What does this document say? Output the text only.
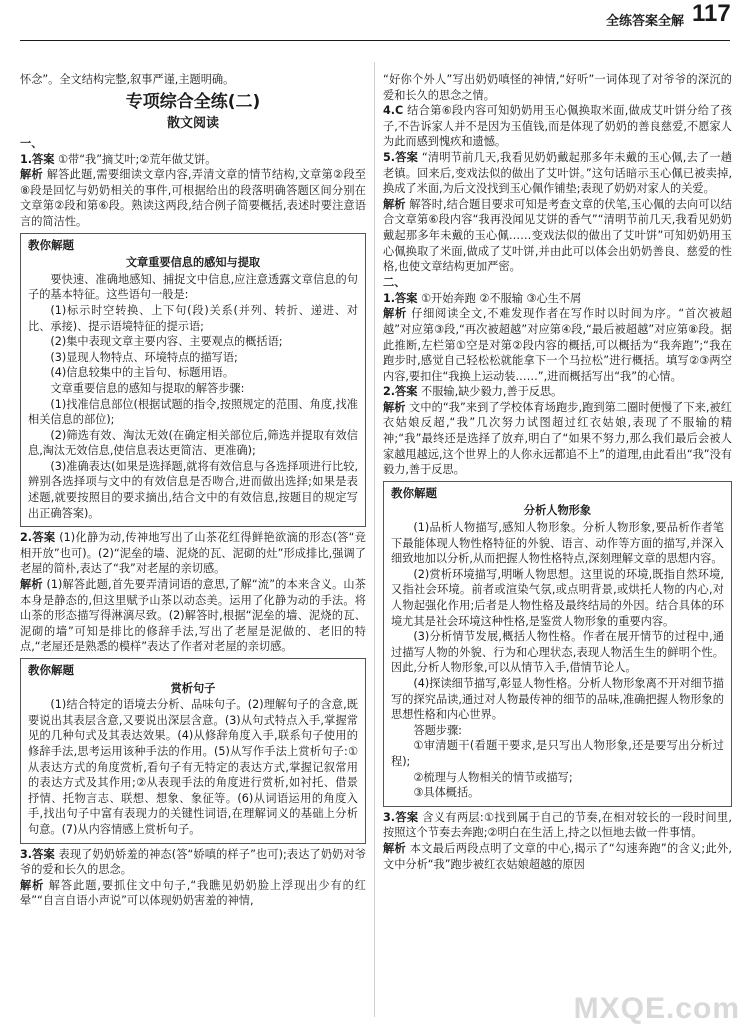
全练答案全解 117

怀念”。全文结构完整,叙事严谨,主题明确。

专项综合全练(二)
散文阅读
一、

1.答案 ①带“我”摘艾叶;②荒年做艾饼。

解析 解答此题,需要细读文章内容,弄清文章的情节结构,文章第②段至⑧段是回忆与奶奶相关的事件,可根据给出的段落明确答题区间分别在文章第②段和第⑥段。熟读这两段,结合例子简要概括,表述时要注意语言的简洁性。

教你解题
文章重要信息的感知与提取

要快速、准确地感知、捕捉文中信息,应注意透露文章信息的句子的基本特征。这些语句一般是:

(1)标示时空转换、上下句(段)关系(并列、转折、递进、对比、承接)、提示语境特征的提示语;

(2)集中表现文章主要内容、主要观点的概括语;

(3)显现人物特点、环境特点的描写语;

(4)信息较集中的主旨句、标题用语。

文章重要信息的感知与提取的解答步骤:

(1)找准信息部位(根据试题的指令,按照规定的范围、角度,找准相关信息的部位);

(2)筛选有效、淘汰无效(在确定相关部位后,筛选并提取有效信息,淘汰无效信息,使信息表达更简洁、更准确);

(3)准确表达(如果是选择题,就将有效信息与各选择项进行比较,辨别各选择项与文中的有效信息是否吻合,进而做出选择;如果是表述题,就要按照目的要求摘出,结合文中的有效信息,按题目的规定写出正确答案)。

2.答案 (1)化静为动,传神地写出了山茶花红得鲜艳欲滴的形态(答“竞相开放”也可)。(2)“泥垒的墙、泥烧的瓦、泥砌的灶”形成排比,强调了老屋的简朴,表达了“我”对老屋的亲切感。

解析 (1)解答此题,首先要弄清词语的意思,了解“流”的本来含义。山茶本身是静态的,但这里赋予山茶以动态美。运用了化静为动的手法。将山茶的形态描写得淋漓尽致。(2)解答时,根据“泥垒的墙、泥烧的瓦、泥砌的墙”可知是排比的修辞手法,写出了老屋是泥做的、老旧的特点,“老屋还是熟悉的模样”表达了作者对老屋的亲切感。

教你解题
赏析句子

(1)结合特定的语境去分析、品味句子。(2)理解句子的含意,既要说出其表层含意,又要说出深层含意。(3)从句式特点入手,掌握常见的几种句式及其表达效果。(4)从修辞角度入手,联系句子使用的修辞手法,思考运用该种手法的作用。(5)从写作手法上赏析句子:①从表达方式的角度赏析,看句子有无特定的表达方式,掌握记叙常用的表达方式及其作用;②从表现手法的角度进行赏析,如衬托、借景抒情、托物言志、联想、想象、象征等。(6)从词语运用的角度入手,找出句子中富有表现力的关键性词语,在理解词义的基础上分析句意。(7)从内容情感上赏析句子。

3.答案 表现了奶奶娇羞的神态(答“娇嗔的样子”也可);表达了奶奶对爷爷的爱和长久的思念。

解析 解答此题,要抓住文中句子,“我瞧见奶奶脸上浮现出少有的红晕”“自言自语小声说”可以体现奶奶害羞的神情,

“好你个外人”写出奶奶嗔怪的神情,“好听”一词体现了对爷爷的深沉的爱和长久的思念之情。

4.C 结合第⑥段内容可知奶奶用玉心佩换取米面,做成艾叶饼分给了孩子,不告诉家人并不是因为玉值钱,而是体现了奶奶的善良慈爱,不愿家人为此而感到愧疚和遗憾。

5.答案 “清明节前几天,我看见奶奶戴起那多年未戴的玉心佩,去了一趟老镇。回来后,变戏法似的做出了艾叶饼。”这句话暗示玉心佩已被卖掉,换成了米面,为后文没找到玉心佩作铺垫;表现了奶奶对家人的关爱。

解析 解答时,结合题目要求可知是考查文章的伏笔,玉心佩的去向可以结合文章第⑥段内容“我再没闻见艾饼的香气”“清明节前几天,我看见奶奶戴起那多年未戴的玉心佩……变戏法似的做出了艾叶饼”可知奶奶用玉心佩换取了米面,做成了艾叶饼,并由此可以体会出奶奶善良、慈爱的性格,也使文章结构更加严密。

二、

1.答案 ①开始奔跑 ②不服输 ③心生不屑

解析 仔细阅读全文,不难发现作者在写作时以时间为序。“首次被超越”对应第③段,“再次被超越”对应第④段,“最后被超越”对应第⑧段。据此推断,左栏第①空是对第②段内容的概括,可以概括为“我奔跑”;“我在跑步时,感觉自己轻松松就能拿下一个马拉松”进行概括。填写②③两空内容,要扣住“我换上运动装……”,进而概括写出“我”的心情。

2.答案 不服输,缺少毅力,善于反思。

解析 文中的“我”来到了学校体育场跑步,跑到第二圈时便慢了下来,被红衣姑娘反超,“我”几次努力试图超过红衣姑娘,表现了不服输的精神;“我”最终还是选择了放弃,明白了“如果不努力,那么我们最后会被人家越甩越远,这个世界上的人你永远都追不上”的道理,由此看出“我”没有毅力,善于反思。

教你解题
分析人物形象

(1)品析人物描写,感知人物形象。分析人物形象,要品析作者笔下最能体现人物性格特征的外貌、语言、动作等方面的描写,并深入细致地加以分析,从而把握人物性格特点,深刻理解文章的思想内容。

(2)赏析环境描写,明晰人物思想。这里说的环境,既指自然环境,又指社会环境。前者或渲染气氛,或点明背景,或烘托人物的内心,对人物起强化作用;后者是人物性格及最终结局的外因。结合具体的环境尤其是社会环境这种性格,是鉴赏人物形象的重要内容。

(3)分析情节发展,概括人物性格。作者在展开情节的过程中,通过描写人物的外貌、行为和心理状态,表现人物活生生的鲜明个性。因此,分析人物形象,可以从情节入手,借情节论人。

(4)探读细节描写,彰显人物性格。分析人物形象离不开对细节描写的探究品读,通过对人物最传神的细节的品味,准确把握人物形象的思想性格和内心世界。

答题步骤:

①审清题干(看题干要求,是只写出人物形象,还是要写出分析过程);

②梳理与人物相关的情节或描写;

③具体概括。

3.答案 含义有两层:①找到属于自己的节奏,在相对较长的一段时间里,按照这个节奏去奔跑;②明白在生活上,持之以恒地去做一件事情。

解析 本文最后两段点明了文章的中心,揭示了“勾速奔跑”的含义;此外,文中分析“我”跑步被红衣姑娘超越的原因

MXQE.com
